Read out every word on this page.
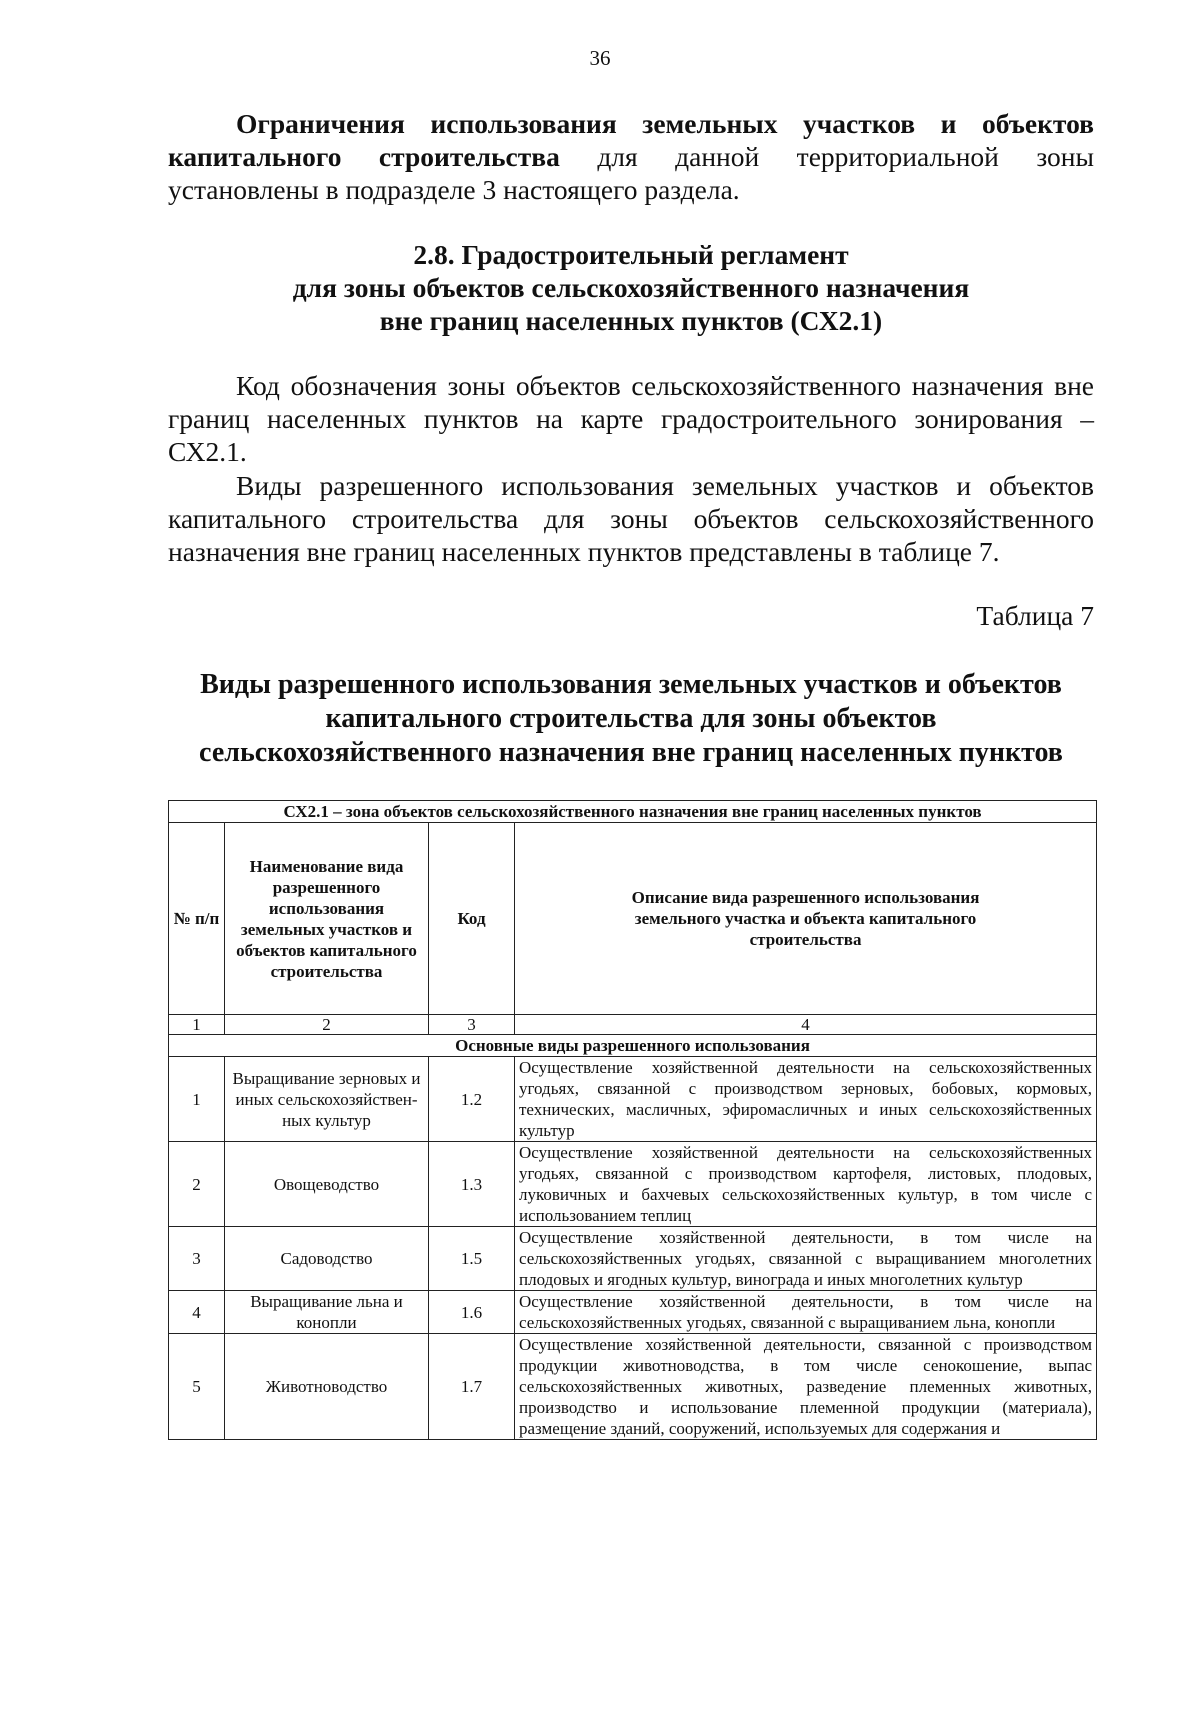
36

Ограничения использования земельных участков и объектов капитального строительства для данной территориальной зоны установлены в подразделе 3 настоящего раздела.

2.8. Градостроительный регламент
для зоны объектов сельскохозяйственного назначения
вне границ населенных пунктов (СХ2.1)

Код обозначения зоны объектов сельскохозяйственного назначения вне границ населенных пунктов на карте градостроительного зонирования – СХ2.1.

Виды разрешенного использования земельных участков и объектов капитального строительства для зоны объектов сельскохозяйственного назначения вне границ населенных пунктов представлены в таблице 7.

Таблица 7
Виды разрешенного использования земельных участков и объектов
капитального строительства для зоны объектов
сельскохозяйственного назначения вне границ населенных пунктов
СХ2.1 – зона объектов сельскохозяйственного назначения вне границ населенных пунктов			
№ п/п	Наименование вида разрешенного использования земельных участков и объектов капитального строительства	Код	Описание вида разрешенного использования земельного участка и объекта капитального строительства
1	2	3	4
Основные виды разрешенного использования			
1	Выращивание зерновых и иных сельскохозяйствен-ных культур	1.2	Осуществление хозяйственной деятельности на сельскохозяйственных угодьях, связанной с производством зерновых, бобовых, кормовых, технических, масличных, эфиромасличных и иных сельскохозяйственных культур
2	Овощеводство	1.3	Осуществление хозяйственной деятельности на сельскохозяйственных угодьях, связанной с производством картофеля, листовых, плодовых, луковичных и бахчевых сельскохозяйственных культур, в том числе с использованием теплиц
3	Садоводство	1.5	Осуществление хозяйственной деятельности, в том числе на сельскохозяйственных угодьях, связанной с выращиванием многолетних плодовых и ягодных культур, винограда и иных многолетних культур
4	Выращивание льна и конопли	1.6	Осуществление хозяйственной деятельности, в том числе на сельскохозяйственных угодьях, связанной с выращиванием льна, конопли
5	Животноводство	1.7	Осуществление хозяйственной деятельности, связанной с производством продукции животноводства, в том числе сенокошение, выпас сельскохозяйственных животных, разведение племенных животных, производство и использование племенной продукции (материала), размещение зданий, сооружений, используемых для содержания и
